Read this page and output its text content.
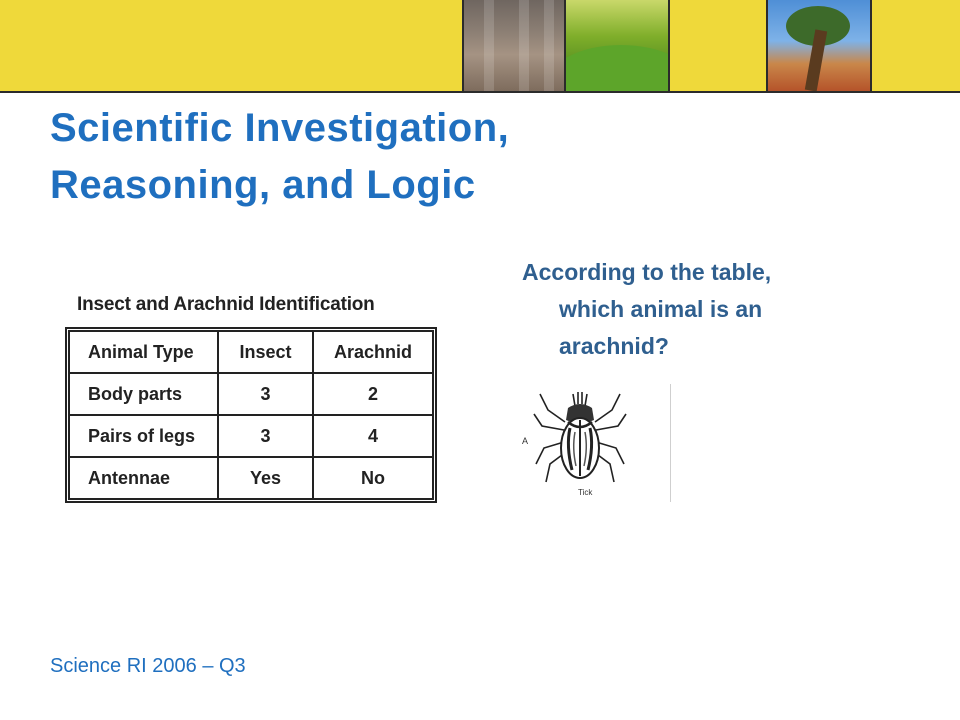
Scientific Investigation,
Reasoning, and Logic
According to the table,
which animal is an
arachnid?
Insect and Arachnid Identification
Animal Type	Insect	Arachnid
Body parts	3	2
Pairs of legs	3	4
Antennae	Yes	No
A
Tick
Science RI 2006 – Q3
